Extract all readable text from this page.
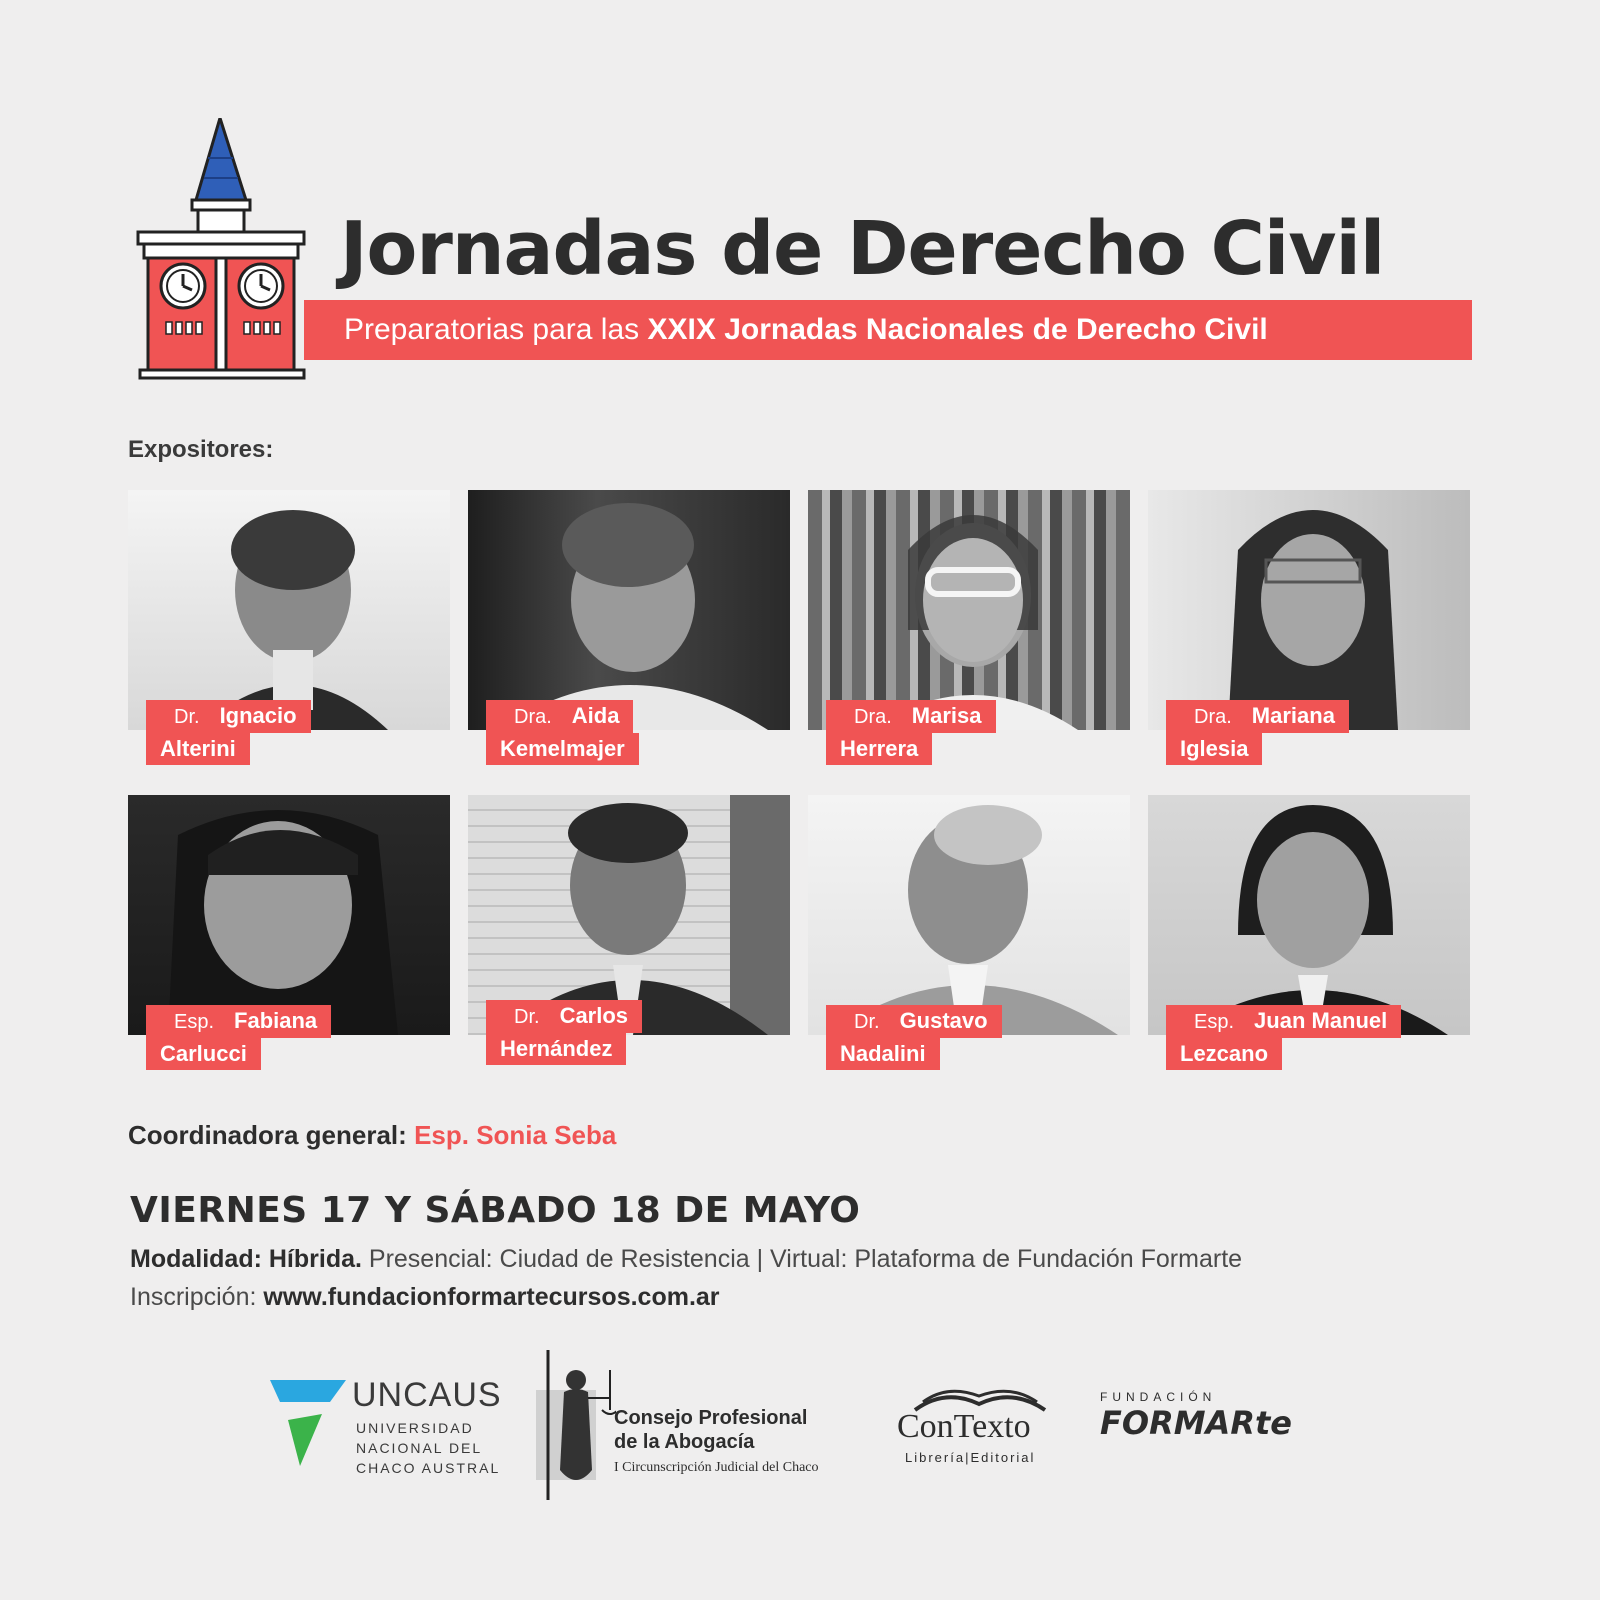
Jornadas de Derecho Civil
Preparatorias para las XXIX Jornadas Nacionales de Derecho Civil
Expositores:
Dr. Ignacio
Alterini
Dra. Aida
Kemelmajer
Dra. Marisa
Herrera
Dra. Mariana
Iglesia
Esp. Fabiana
Carlucci
Dr. Carlos
Hernández
Dr. Gustavo
Nadalini
Esp. Juan Manuel
Lezcano
Coordinadora general: Esp. Sonia Seba
VIERNES 17 Y SÁBADO 18 DE MAYO
Modalidad: Híbrida. Presencial: Ciudad de Resistencia | Virtual: Plataforma de Fundación Formarte
Inscripción: www.fundacionformartecursos.com.ar
UNCAUS
UNIVERSIDAD
NACIONAL DEL
CHACO AUSTRAL
Consejo Profesional
de la Abogacía
I Circunscripción Judicial del Chaco
ConTexto
Librería|Editorial
FUNDACIÓN
FORMARte
